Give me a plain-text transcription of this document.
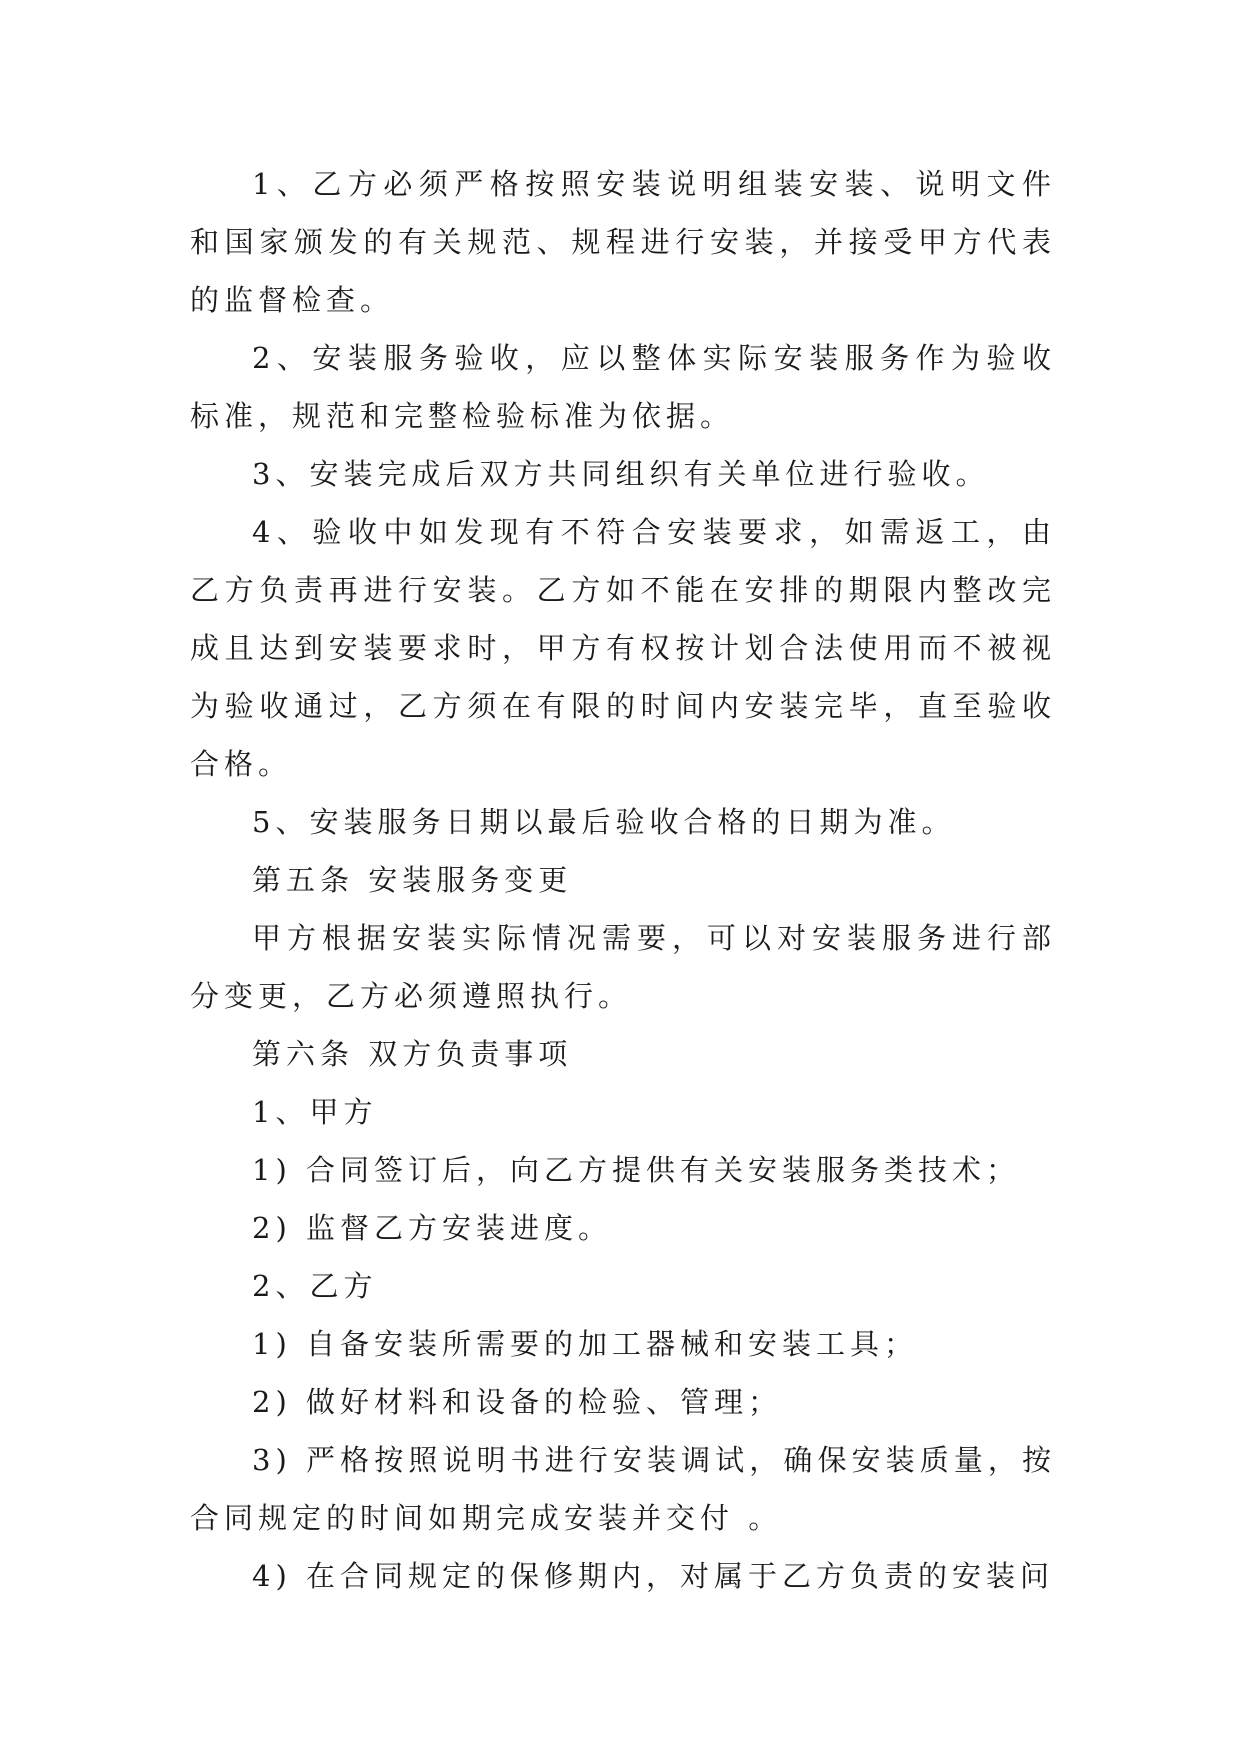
1、乙方必须严格按照安装说明组装安装、说明文件和国家颁发的有关规范、规程进行安装，并接受甲方代表的监督检查。

2、安装服务验收，应以整体实际安装服务作为验收标准，规范和完整检验标准为依据。

3、安装完成后双方共同组织有关单位进行验收。

4、验收中如发现有不符合安装要求，如需返工，由乙方负责再进行安装。乙方如不能在安排的期限内整改完成且达到安装要求时，甲方有权按计划合法使用而不被视为验收通过，乙方须在有限的时间内安装完毕，直至验收合格。

5、安装服务日期以最后验收合格的日期为准。

第五条 安装服务变更

甲方根据安装实际情况需要，可以对安装服务进行部分变更，乙方必须遵照执行。

第六条 双方负责事项

1、甲方

1) 合同签订后，向乙方提供有关安装服务类技术；

2) 监督乙方安装进度。

2、乙方

1) 自备安装所需要的加工器械和安装工具；

2) 做好材料和设备的检验、管理；

3) 严格按照说明书进行安装调试，确保安装质量，按合同规定的时间如期完成安装并交付 。

4) 在合同规定的保修期内，对属于乙方负责的安装问
